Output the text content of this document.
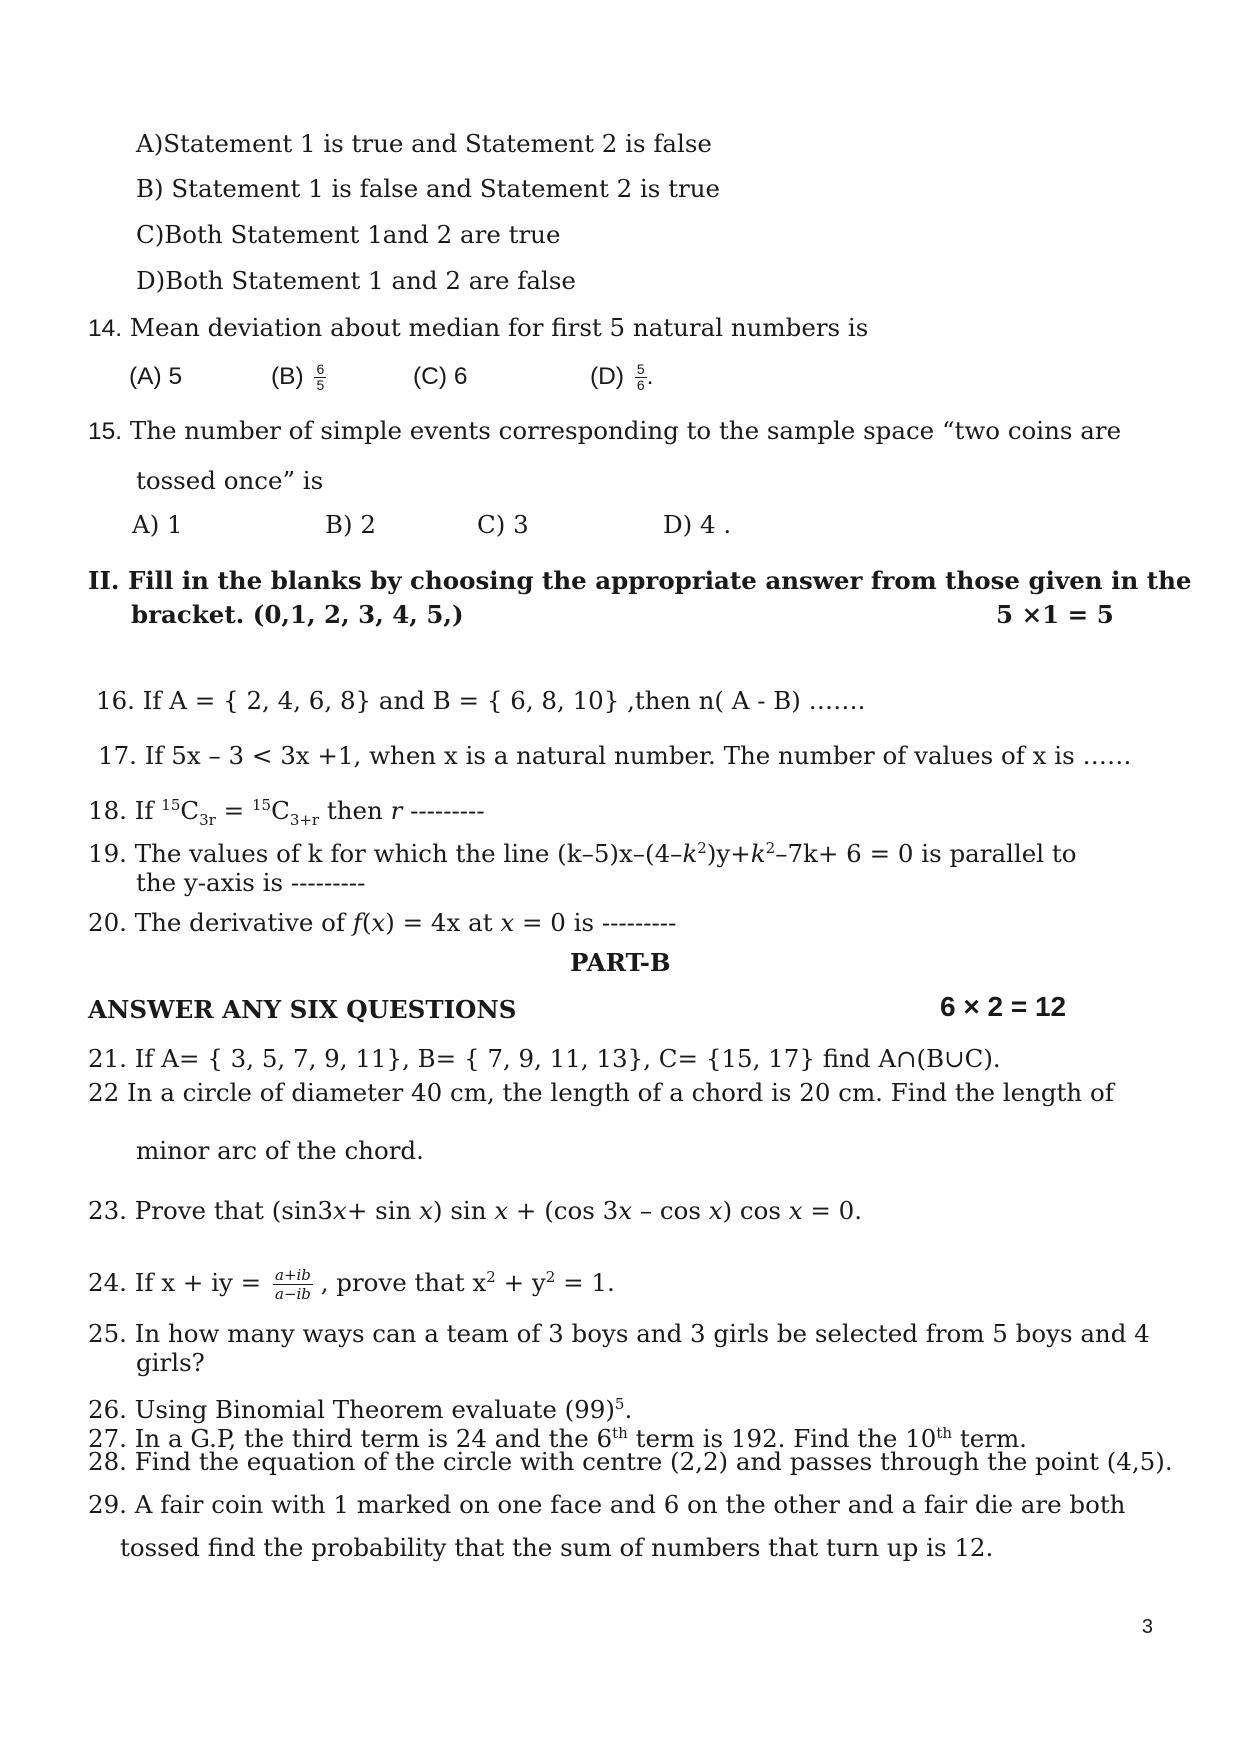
A)Statement 1 is true and Statement 2 is false
B) Statement 1 is false and Statement 2 is true
C)Both Statement 1and 2 are true
D)Both Statement 1 and 2 are false
14. Mean deviation about median for first 5 natural numbers is
(A) 5	$(B) \frac{6}{5}$	(C) 6	$(D) \frac{5}{6}$ .
15. The number of simple events corresponding to the sample space “two coins are
tossed once” is
A) 1	B) 2	C) 3	D) 4 .
II. Fill in the blanks by choosing the appropriate answer from those given in the
bracket. (0,1, 2, 3, 4, 5,)	5 ×1 = 5
16. If A = { 2, 4, 6, 8} and B = { 6, 8, 10} ,then n( A - B) …….
17. If 5x – 3 < 3x +1, when x is a natural number. The number of values of x is ……
18. If $^{15}C_{3r} = ^{15}C_{3+r}$ then r ---------
19. The values of k for which the line $(k-5)x-(4-k^2)y+k^2-7k+ 6 = 0$ is parallel to
the y-axis is ---------
20. The derivative of f(x) = 4x at x = 0 is ---------
PART-B
ANSWER ANY SIX QUESTIONS	6 × 2 = 12
21. If A= { 3, 5, 7, 9, 11}, B= { 7, 9, 11, 13}, C= {15, 17} find A∩(B∪C).
22 In a circle of diameter 40 cm, the length of a chord is 20 cm. Find the length of
minor arc of the chord.
23. Prove that (sin3x+ sin x) sin x + (cos 3x – cos x) cos x = 0.
24. If x + iy = $\frac{a+ib}{a-ib}$ , prove that $x^2 + y^2 = 1$.
25. In how many ways can a team of 3 boys and 3 girls be selected from 5 boys and 4
girls?
26. Using Binomial Theorem evaluate $(99)^5$.
27. In a G.P, the third term is 24 and the 6th term is 192. Find the 10th term.
28. Find the equation of the circle with centre (2,2) and passes through the point (4,5).
29. A fair coin with 1 marked on one face and 6 on the other and a fair die are both
tossed find the probability that the sum of numbers that turn up is 12.
3
